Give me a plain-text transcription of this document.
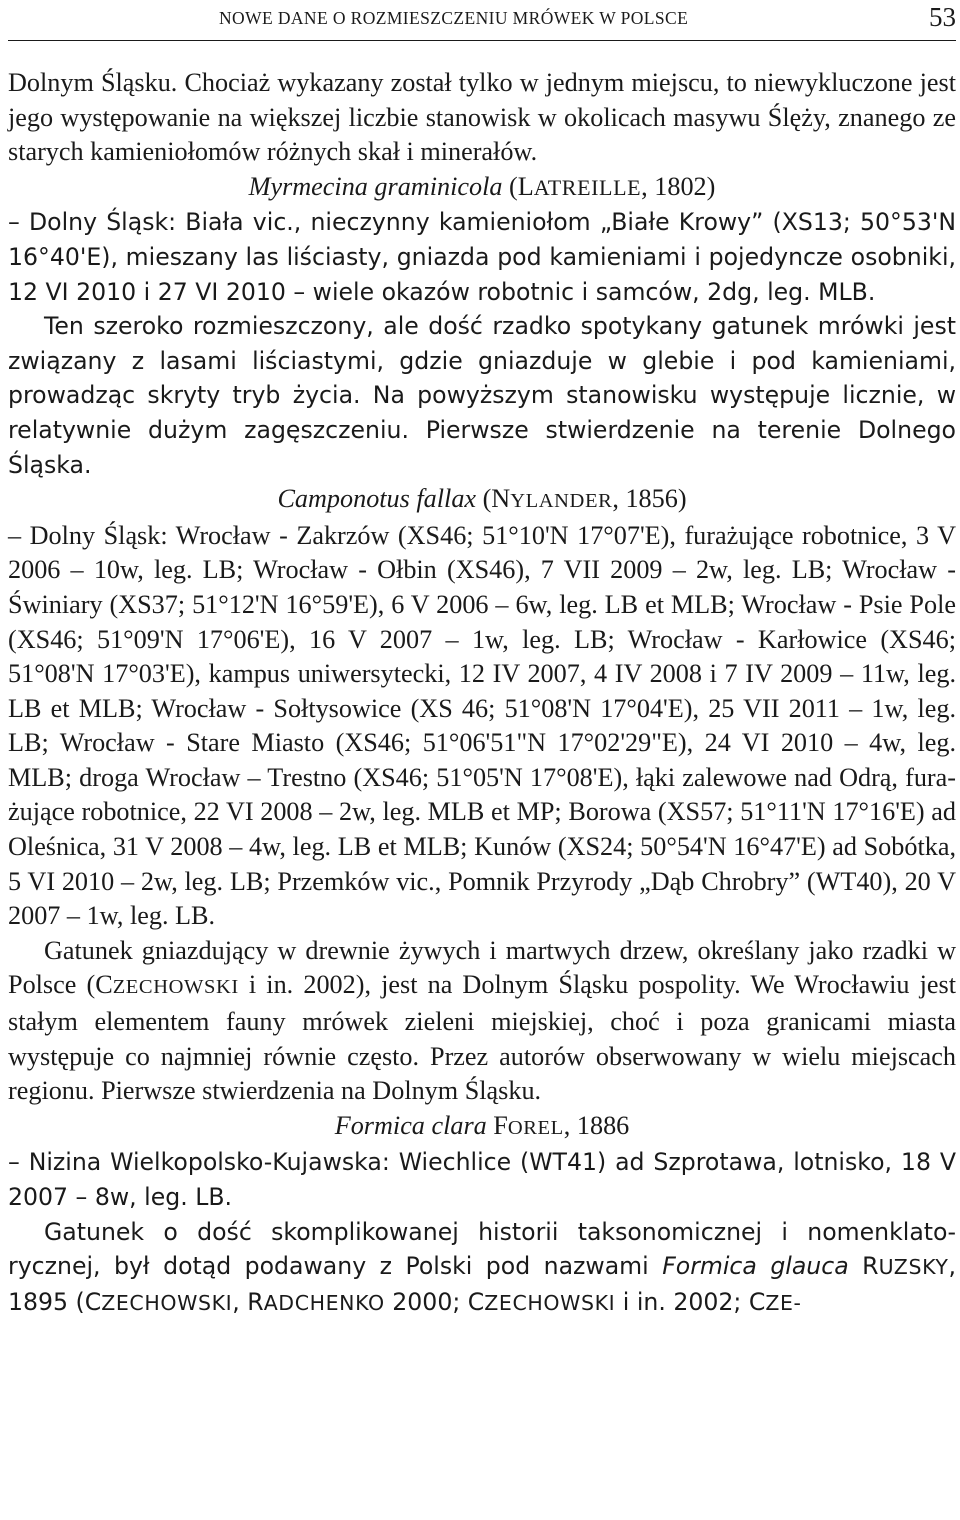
NOWE DANE O ROZMIESZCZENIU MRÓWEK W POLSCE	53

Dolnym Śląsku. Chociaż wykazany został tylko w jednym miejscu, to niewykluczone jest jego występowanie na większej liczbie stanowisk w okolicach masywu Ślęży, znanego ze starych kamieniołomów różnych skał i minerałów.

Myrmecina graminicola (LATREILLE, 1802)

– Dolny Śląsk: Biała vic., nieczynny kamieniołom „Białe Krowy” (XS13; 50°53'N 16°40'E), mieszany las liściasty, gniazda pod kamieniami i pojedyncze osobniki, 12 VI 2010 i 27 VI 2010 – wiele okazów robotnic i samców, 2dg, leg. MLB.

Ten szeroko rozmieszczony, ale dość rzadko spotykany gatunek mrówki jest związany z lasami liściastymi, gdzie gniazduje w glebie i pod kamieniami, prowadząc skryty tryb życia. Na powyższym stanowisku występuje licznie, w relatywnie dużym zagęszczeniu. Pierwsze stwierdzenie na terenie Dolnego Śląska.

Camponotus fallax (NYLANDER, 1856)

– Dolny Śląsk: Wrocław - Zakrzów (XS46; 51°10'N 17°07'E), furażujące robotnice, 3 V 2006 – 10w, leg. LB; Wrocław - Ołbin (XS46), 7 VII 2009 – 2w, leg. LB; Wrocław - Świniary (XS37; 51°12'N 16°59'E), 6 V 2006 – 6w, leg. LB et MLB; Wrocław - Psie Pole (XS46; 51°09'N 17°06'E), 16 V 2007 – 1w, leg. LB; Wrocław - Karłowice (XS46; 51°08'N 17°03'E), kampus uniwersytecki, 12 IV 2007, 4 IV 2008 i 7 IV 2009 – 11w, leg. LB et MLB; Wrocław - Sołtysowice (XS 46; 51°08'N 17°04'E), 25 VII 2011 – 1w, leg. LB; Wrocław - Stare Miasto (XS46; 51°06'51"N 17°02'29"E), 24 VI 2010 – 4w, leg. MLB; droga Wrocław – Trestno (XS46; 51°05'N 17°08'E), łąki zalewowe nad Odrą, furażujące robotnice, 22 VI 2008 – 2w, leg. MLB et MP; Borowa (XS57; 51°11'N 17°16'E) ad Oleśnica, 31 V 2008 – 4w, leg. LB et MLB; Kunów (XS24; 50°54'N 16°47'E) ad Sobótka, 5 VI 2010 – 2w, leg. LB; Przemków vic., Pomnik Przyrody „Dąb Chrobry” (WT40), 20 V 2007 – 1w, leg. LB.

Gatunek gniazdujący w drewnie żywych i martwych drzew, określany jako rzadki w Polsce (CZECHOWSKI i in. 2002), jest na Dolnym Śląsku pospolity. We Wrocławiu jest stałym elementem fauny mrówek zieleni miejskiej, choć i poza granicami miasta występuje co najmniej równie często. Przez autorów obserwowany w wielu miejscach regionu. Pierwsze stwierdzenia na Dolnym Śląsku.

Formica clara FOREL, 1886

– Nizina Wielkopolsko-Kujawska: Wiechlice (WT41) ad Szprotawa, lotnisko, 18 V 2007 – 8w, leg. LB.

Gatunek o dość skomplikowanej historii taksonomicznej i nomenklatorycznej, był dotąd podawany z Polski pod nazwami Formica glauca RUZSKY, 1895 (CZECHOWSKI, RADCHENKO 2000; CZECHOWSKI i in. 2002; CZE-
